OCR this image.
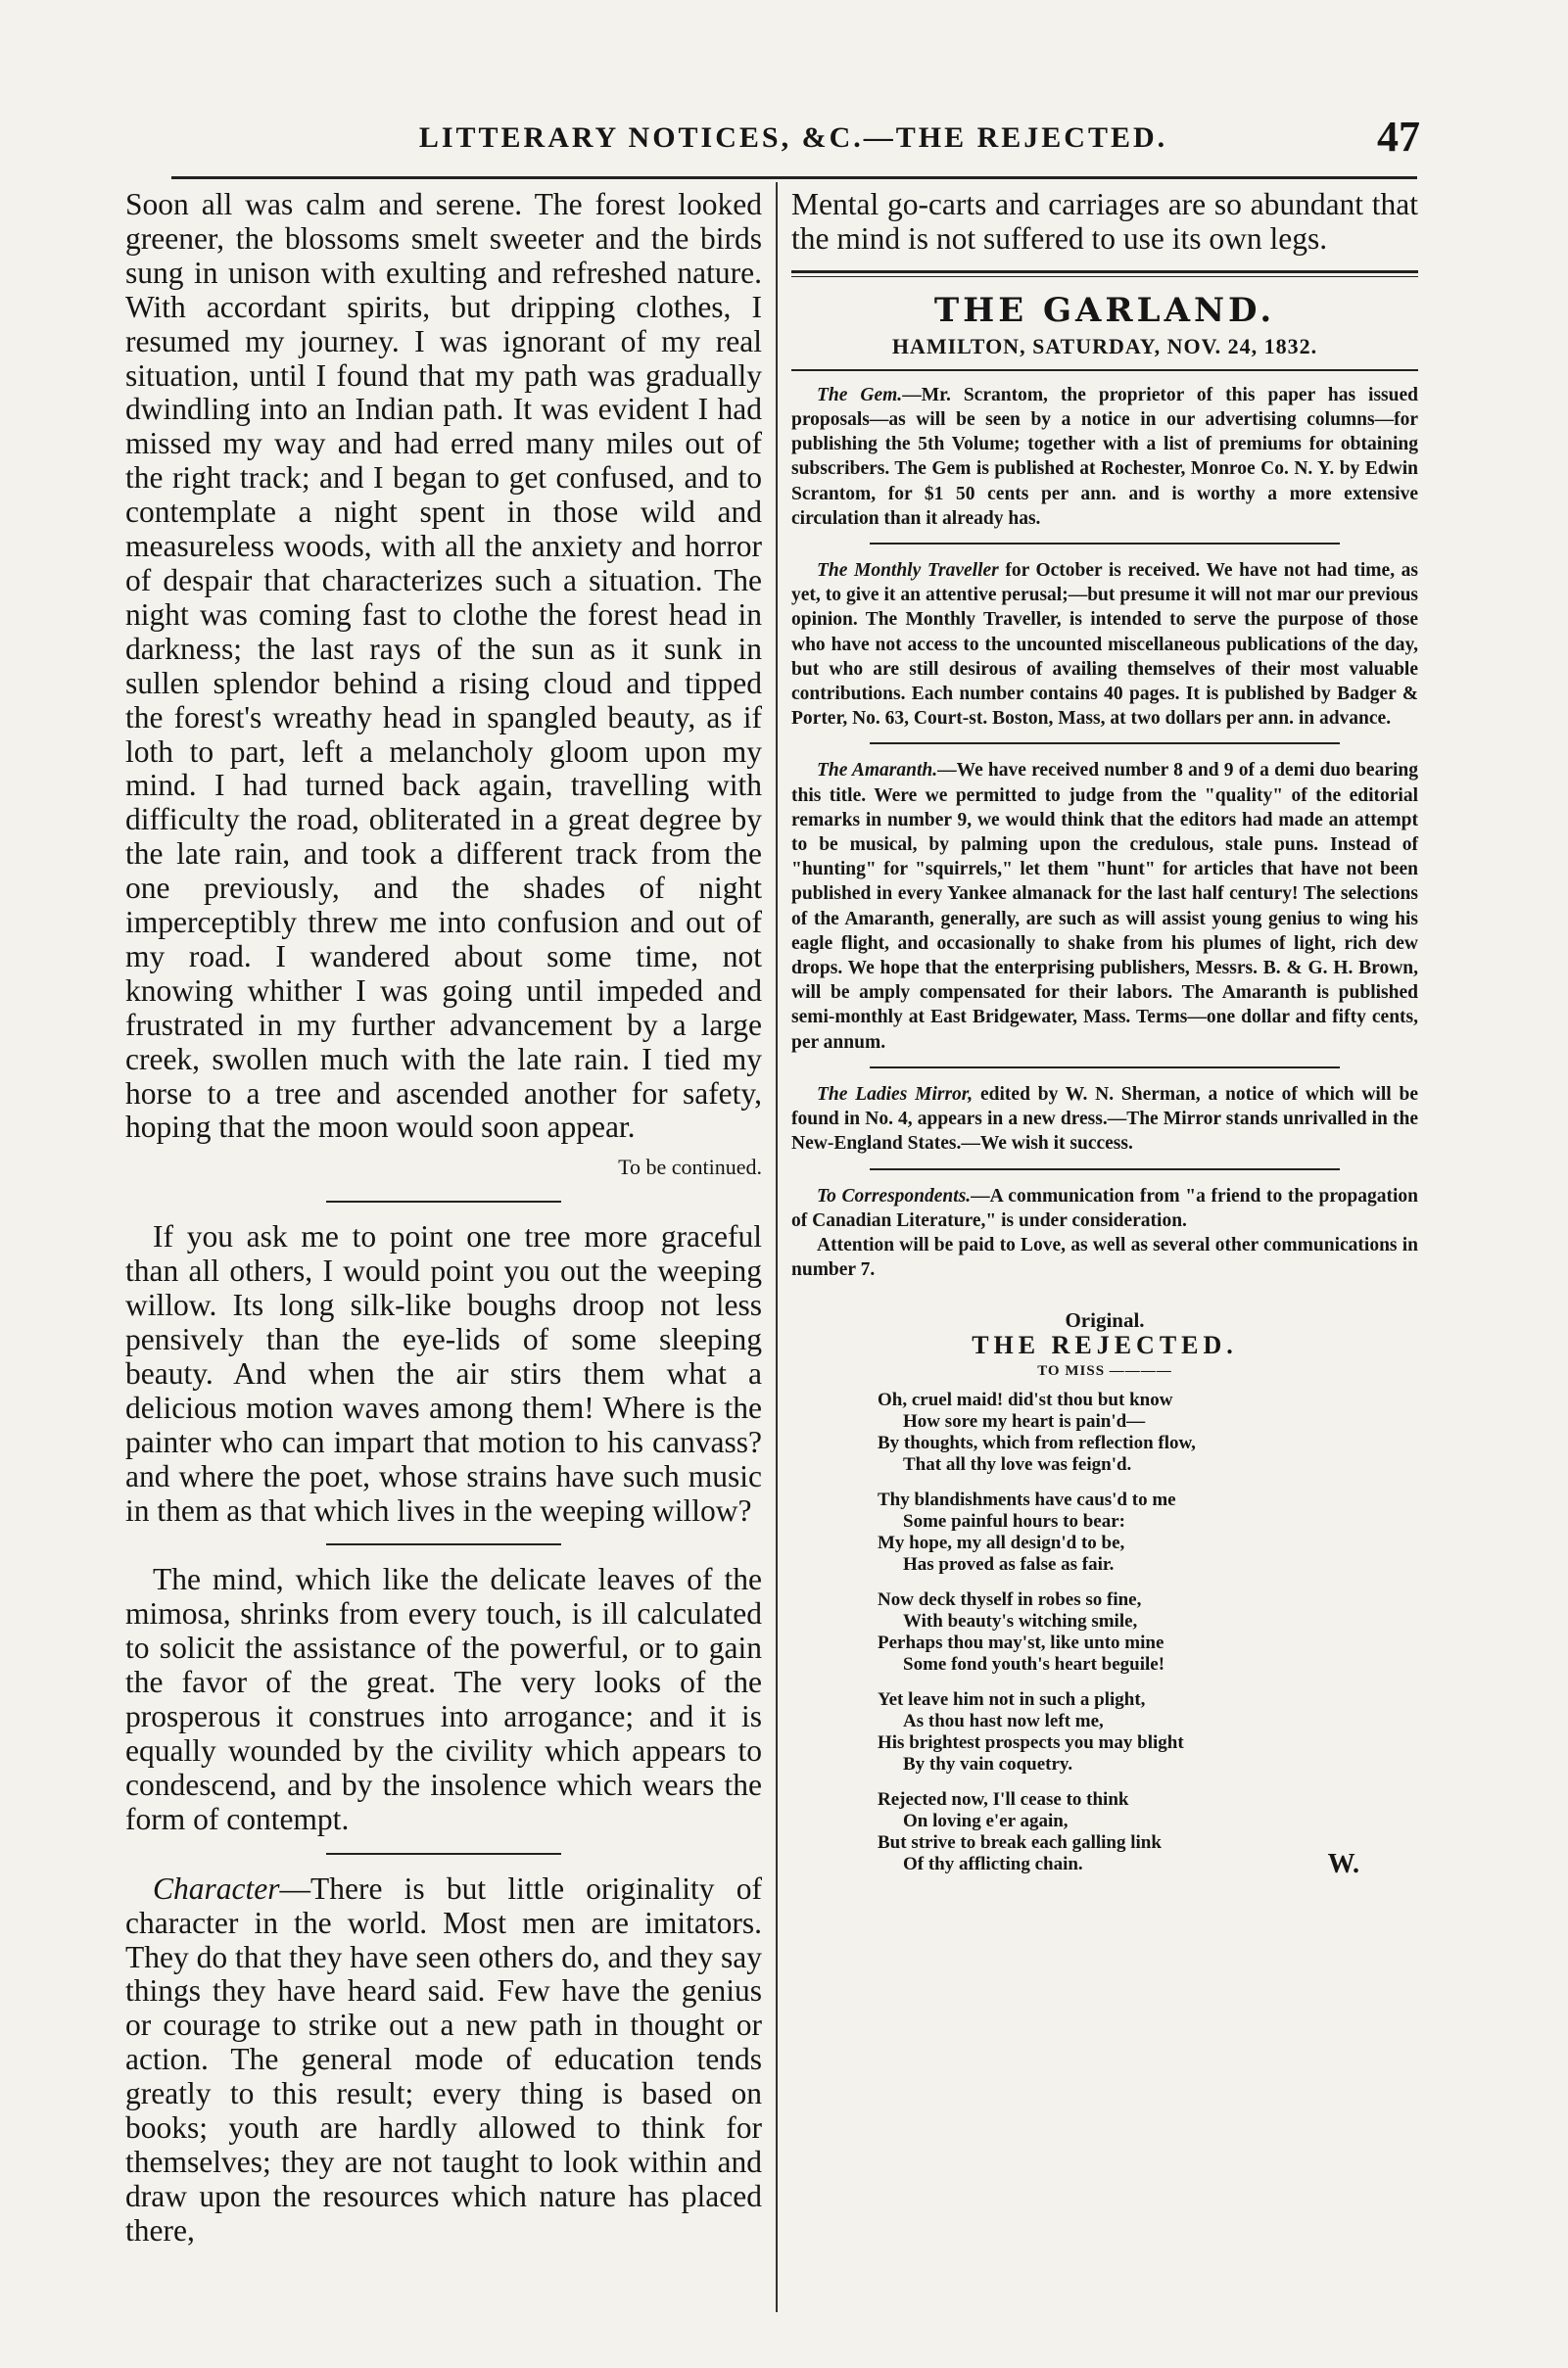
LITTERARY NOTICES, &C.—THE REJECTED.	47

Soon all was calm and serene. The forest looked greener, the blossoms smelt sweeter and the birds sung in unison with exulting and refreshed nature. With accordant spirits, but dripping clothes, I resumed my journey. I was ignorant of my real situation, until I found that my path was gradually dwindling into an Indian path. It was evident I had missed my way and had erred many miles out of the right track; and I began to get confused, and to contemplate a night spent in those wild and measureless woods, with all the anxiety and horror of despair that characterizes such a situation. The night was coming fast to clothe the forest head in darkness; the last rays of the sun as it sunk in sullen splendor behind a rising cloud and tipped the forest's wreathy head in spangled beauty, as if loth to part, left a melancholy gloom upon my mind. I had turned back again, travelling with difficulty the road, obliterated in a great degree by the late rain, and took a different track from the one previously, and the shades of night imperceptibly threw me into confusion and out of my road. I wandered about some time, not knowing whither I was going until impeded and frustrated in my further advancement by a large creek, swollen much with the late rain. I tied my horse to a tree and ascended another for safety, hoping that the moon would soon appear.

To be continued.

If you ask me to point one tree more graceful than all others, I would point you out the weeping willow. Its long silk-like boughs droop not less pensively than the eye-lids of some sleeping beauty. And when the air stirs them what a delicious motion waves among them! Where is the painter who can impart that motion to his canvass? and where the poet, whose strains have such music in them as that which lives in the weeping willow?

The mind, which like the delicate leaves of the mimosa, shrinks from every touch, is ill calculated to solicit the assistance of the powerful, or to gain the favor of the great. The very looks of the prosperous it construes into arrogance; and it is equally wounded by the civility which appears to condescend, and by the insolence which wears the form of contempt.

Character—There is but little originality of character in the world. Most men are imitators. They do that they have seen others do, and they say things they have heard said. Few have the genius or courage to strike out a new path in thought or action. The general mode of education tends greatly to this result; every thing is based on books; youth are hardly allowed to think for themselves; they are not taught to look within and draw upon the resources which nature has placed there,

Mental go-carts and carriages are so abundant that the mind is not suffered to use its own legs.

THE GARLAND.
HAMILTON, SATURDAY, NOV. 24, 1832.

The Gem.—Mr. Scrantom, the proprietor of this paper has issued proposals—as will be seen by a notice in our advertising columns—for publishing the 5th Volume; together with a list of premiums for obtaining subscribers. The Gem is published at Rochester, Monroe Co. N. Y. by Edwin Scrantom, for $1 50 cents per ann. and is worthy a more extensive circulation than it already has.

The Monthly Traveller for October is received. We have not had time, as yet, to give it an attentive perusal;—but presume it will not mar our previous opinion. The Monthly Traveller, is intended to serve the purpose of those who have not access to the uncounted miscellaneous publications of the day, but who are still desirous of availing themselves of their most valuable contributions. Each number contains 40 pages. It is published by Badger & Porter, No. 63, Court-st. Boston, Mass, at two dollars per ann. in advance.

The Amaranth.—We have received number 8 and 9 of a demi duo bearing this title. Were we permitted to judge from the "quality" of the editorial remarks in number 9, we would think that the editors had made an attempt to be musical, by palming upon the credulous, stale puns. Instead of "hunting" for "squirrels," let them "hunt" for articles that have not been published in every Yankee almanack for the last half century! The selections of the Amaranth, generally, are such as will assist young genius to wing his eagle flight, and occasionally to shake from his plumes of light, rich dew drops. We hope that the enterprising publishers, Messrs. B. & G. H. Brown, will be amply compensated for their labors. The Amaranth is published semi-monthly at East Bridgewater, Mass. Terms—one dollar and fifty cents, per annum.

The Ladies Mirror, edited by W. N. Sherman, a notice of which will be found in No. 4, appears in a new dress.—The Mirror stands unrivalled in the New-England States.—We wish it success.

To Correspondents.—A communication from "a friend to the propagation of Canadian Literature," is under consideration.

Attention will be paid to Love, as well as several other communications in number 7.

Original.
THE REJECTED.
TO MISS ————
Oh, cruel maid! did'st thou but know
How sore my heart is pain'd—
By thoughts, which from reflection flow,
That all thy love was feign'd.
Thy blandishments have caus'd to me
Some painful hours to bear:
My hope, my all design'd to be,
Has proved as false as fair.
Now deck thyself in robes so fine,
With beauty's witching smile,
Perhaps thou may'st, like unto mine
Some fond youth's heart beguile!
Yet leave him not in such a plight,
As thou hast now left me,
His brightest prospects you may blight
By thy vain coquetry.
Rejected now, I'll cease to think
On loving e'er again,
But strive to break each galling link
Of thy afflicting chain.	W.
